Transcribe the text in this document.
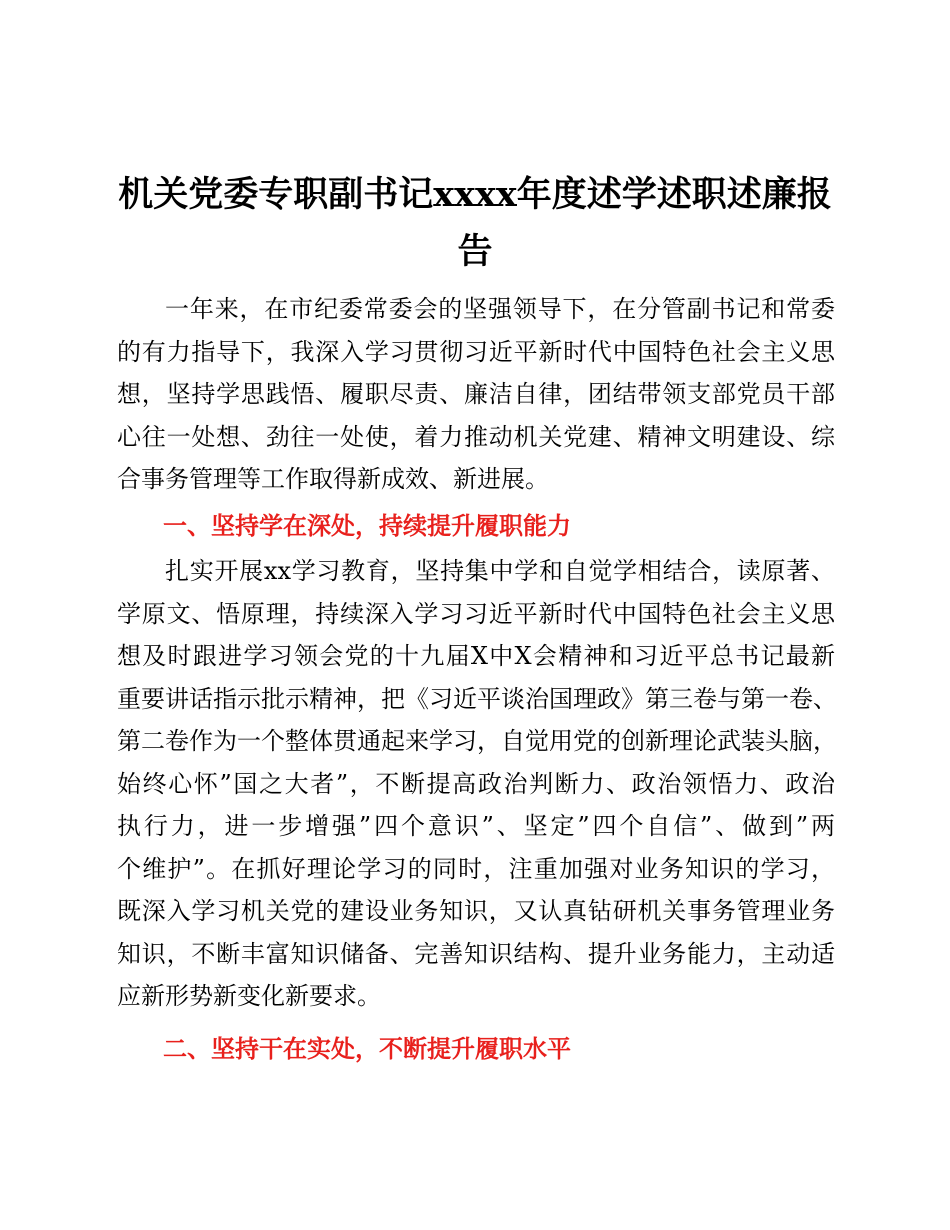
机关党委专职副书记xxxx年度述学述职述廉报告
一年来，在市纪委常委会的坚强领导下，在分管副书记和常委
的有力指导下，我深入学习贯彻习近平新时代中国特色社会主义思
想，坚持学思践悟、履职尽责、廉洁自律，团结带领支部党员干部
心往一处想、劲往一处使，着力推动机关党建、精神文明建设、综
合事务管理等工作取得新成效、新进展。
一、坚持学在深处，持续提升履职能力
扎实开展xx学习教育，坚持集中学和自觉学相结合，读原著、
学原文、悟原理，持续深入学习习近平新时代中国特色社会主义思
想及时跟进学习领会党的十九届X中X会精神和习近平总书记最新
重要讲话指示批示精神，把《习近平谈治国理政》第三卷与第一卷、
第二卷作为一个整体贯通起来学习，自觉用党的创新理论武装头脑，
始终心怀”国之大者”，不断提高政治判断力、政治领悟力、政治
执行力，进一步增强”四个意识”、坚定”四个自信”、做到”两
个维护”。在抓好理论学习的同时，注重加强对业务知识的学习，
既深入学习机关党的建设业务知识，又认真钻研机关事务管理业务
知识，不断丰富知识储备、完善知识结构、提升业务能力，主动适
应新形势新变化新要求。
二、坚持干在实处，不断提升履职水平
